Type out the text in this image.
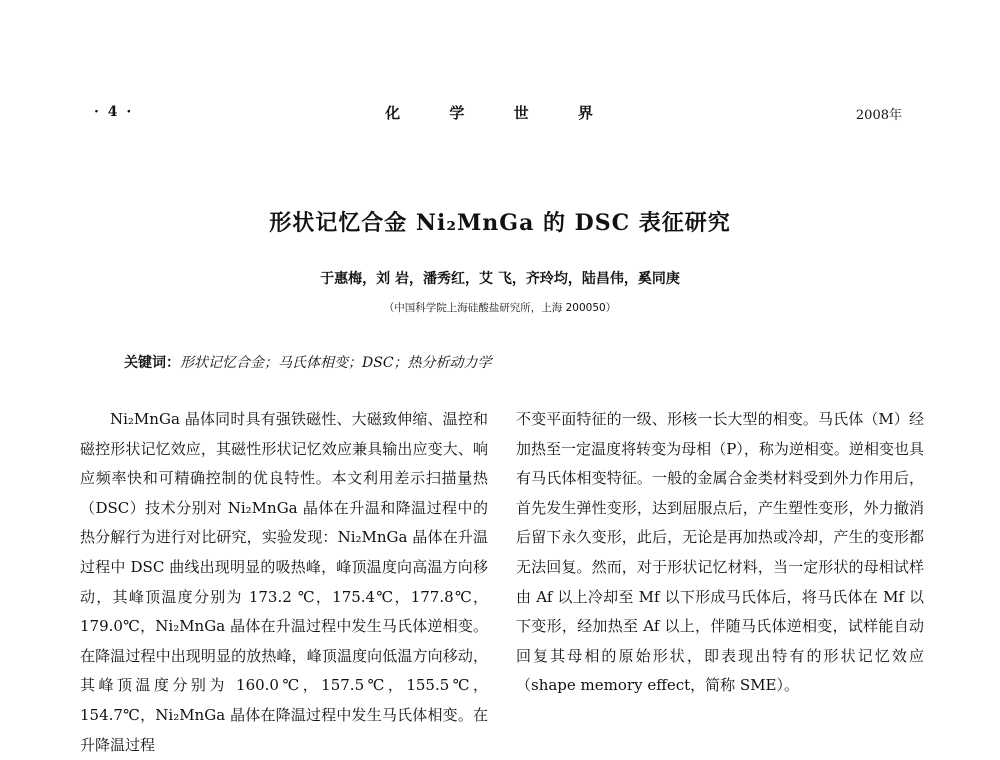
· 4 ·	化 学 世 界	2008年
形状记忆合金 Ni₂MnGa 的 DSC 表征研究
于惠梅，刘 岩，潘秀红，艾 飞，齐玲均，陆昌伟，奚同庚
（中国科学院上海硅酸盐研究所，上海 200050）
关键词：形状记忆合金；马氏体相变；DSC；热分析动力学

Ni₂MnGa 晶体同时具有强铁磁性、大磁致伸缩、温控和磁控形状记忆效应，其磁性形状记忆效应兼具输出应变大、响应频率快和可精确控制的优良特性。本文利用差示扫描量热（DSC）技术分别对 Ni₂MnGa 晶体在升温和降温过程中的热分解行为进行对比研究，实验发现：Ni₂MnGa 晶体在升温过程中 DSC 曲线出现明显的吸热峰，峰顶温度向高温方向移动，其峰顶温度分别为 173.2 ℃，175.4℃，177.8℃，179.0℃，Ni₂MnGa 晶体在升温过程中发生马氏体逆相变。在降温过程中出现明显的放热峰，峰顶温度向低温方向移动，其峰顶温度分别为 160.0℃，157.5℃，155.5℃，154.7℃，Ni₂MnGa 晶体在降温过程中发生马氏体相变。在升降温过程

不变平面特征的一级、形核一长大型的相变。马氏体（M）经加热至一定温度将转变为母相（P），称为逆相变。逆相变也具有马氏体相变特征。一般的金属合金类材料受到外力作用后，首先发生弹性变形，达到屈服点后，产生塑性变形，外力撤消后留下永久变形，此后，无论是再加热或冷却，产生的变形都无法回复。然而，对于形状记忆材料，当一定形状的母相试样由 Af 以上冷却至 Mf 以下形成马氏体后，将马氏体在 Mf 以下变形，经加热至 Af 以上，伴随马氏体逆相变，试样能自动回复其母相的原始形状，即表现出特有的形状记忆效应（shape memory effect，简称 SME）。
